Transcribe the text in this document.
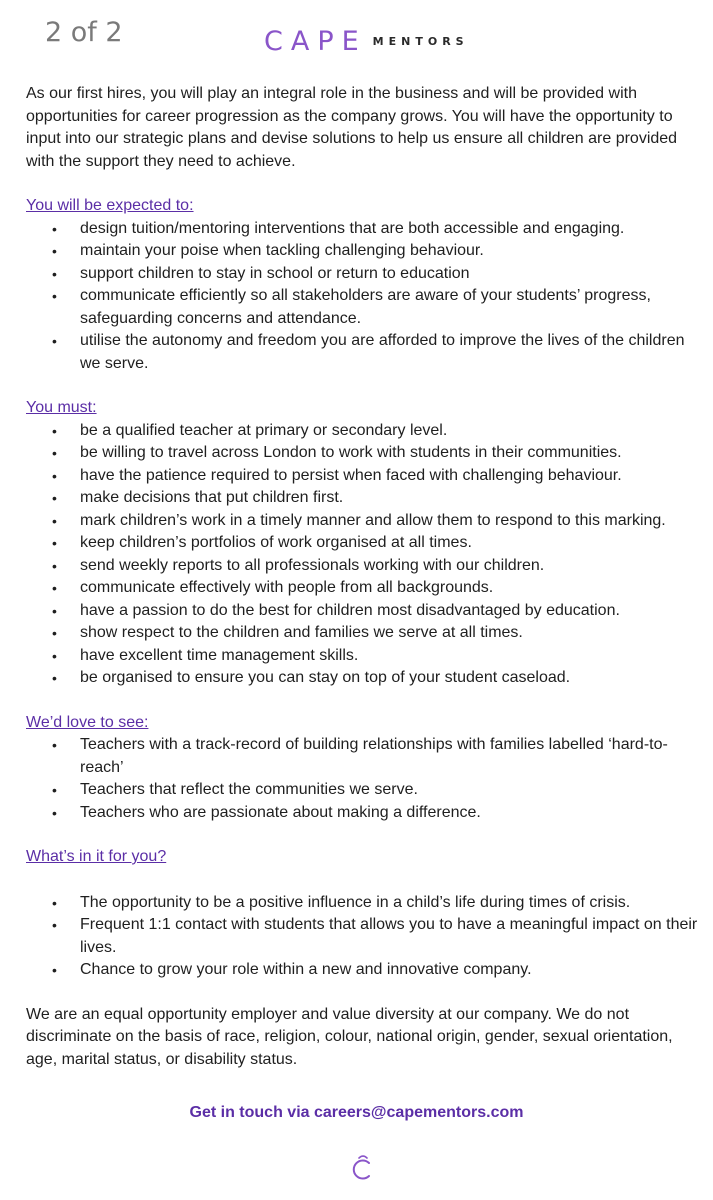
2 of 2	CAPE MENTORS

As our first hires, you will play an integral role in the business and will be provided with opportunities for career progression as the company grows. You will have the opportunity to input into our strategic plans and devise solutions to help us ensure all children are provided with the support they need to achieve.

You will be expected to:
• design tuition/mentoring interventions that are both accessible and engaging.
• maintain your poise when tackling challenging behaviour.
• support children to stay in school or return to education
• communicate efficiently so all stakeholders are aware of your students’ progress, safeguarding concerns and attendance.
• utilise the autonomy and freedom you are afforded to improve the lives of the children we serve.
You must:
• be a qualified teacher at primary or secondary level.
• be willing to travel across London to work with students in their communities.
• have the patience required to persist when faced with challenging behaviour.
• make decisions that put children first.
• mark children’s work in a timely manner and allow them to respond to this marking.
• keep children’s portfolios of work organised at all times.
• send weekly reports to all professionals working with our children.
• communicate effectively with people from all backgrounds.
• have a passion to do the best for children most disadvantaged by education.
• show respect to the children and families we serve at all times.
• have excellent time management skills.
• be organised to ensure you can stay on top of your student caseload.
We’d love to see:
• Teachers with a track-record of building relationships with families labelled ‘hard-to-reach’
• Teachers that reflect the communities we serve.
• Teachers who are passionate about making a difference.
What’s in it for you?
• The opportunity to be a positive influence in a child’s life during times of crisis.
• Frequent 1:1 contact with students that allows you to have a meaningful impact on their lives.
• Chance to grow your role within a new and innovative company.

We are an equal opportunity employer and value diversity at our company. We do not discriminate on the basis of race, religion, colour, national origin, gender, sexual orientation, age, marital status, or disability status.

Get in touch via careers@capementors.com
